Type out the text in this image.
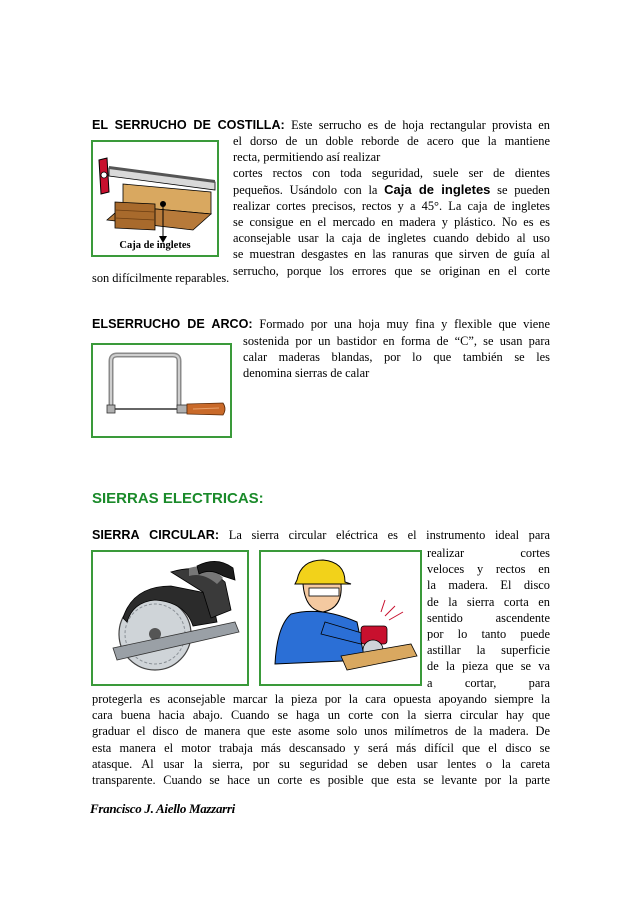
EL SERRUCHO DE COSTILLA: Este serrucho es de hoja rectangular provista en

Caja de ingletes

el dorso de un doble reborde de acero que la mantiene

recta, permitiendo así realizar

cortes rectos con toda seguridad, suele ser de dientes

pequeños. Usándolo con la Caja de ingletes se pueden

realizar cortes precisos, rectos y a 45°. La caja de ingletes

se consigue en el mercado en madera y plástico. No es es

aconsejable usar la caja de ingletes cuando debido al uso

se muestran desgastes en las ranuras que sirven de guía al

serrucho, porque los errores que se originan en el corte

son difícilmente reparables.

ELSERRUCHO DE ARCO: Formado por una hoja muy fina y flexible que viene

sostenida por un bastidor en forma de “C”, se usan para

calar maderas blandas, por lo que también se les

denomina sierras de calar

SIERRAS ELECTRICAS:

SIERRA CIRCULAR: La sierra circular eléctrica es el instrumento ideal para

realizar cortes

veloces y rectos en

la madera. El disco

de la sierra corta en

sentido ascendente

por lo tanto puede

astillar la superficie

de la pieza que se va

a cortar, para

protegerla es aconsejable marcar la pieza por la cara opuesta apoyando siempre la

cara buena hacia abajo. Cuando se haga un corte con la sierra circular hay que

graduar el disco de manera que este asome solo unos milímetros de la madera. De

esta manera el motor trabaja más descansado y será más difícil que el disco se

atasque. Al usar la sierra, por su seguridad se deben usar lentes o la careta

transparente. Cuando se hace un corte es posible que esta se levante por la parte

Francisco J. Aiello Mazzarri
